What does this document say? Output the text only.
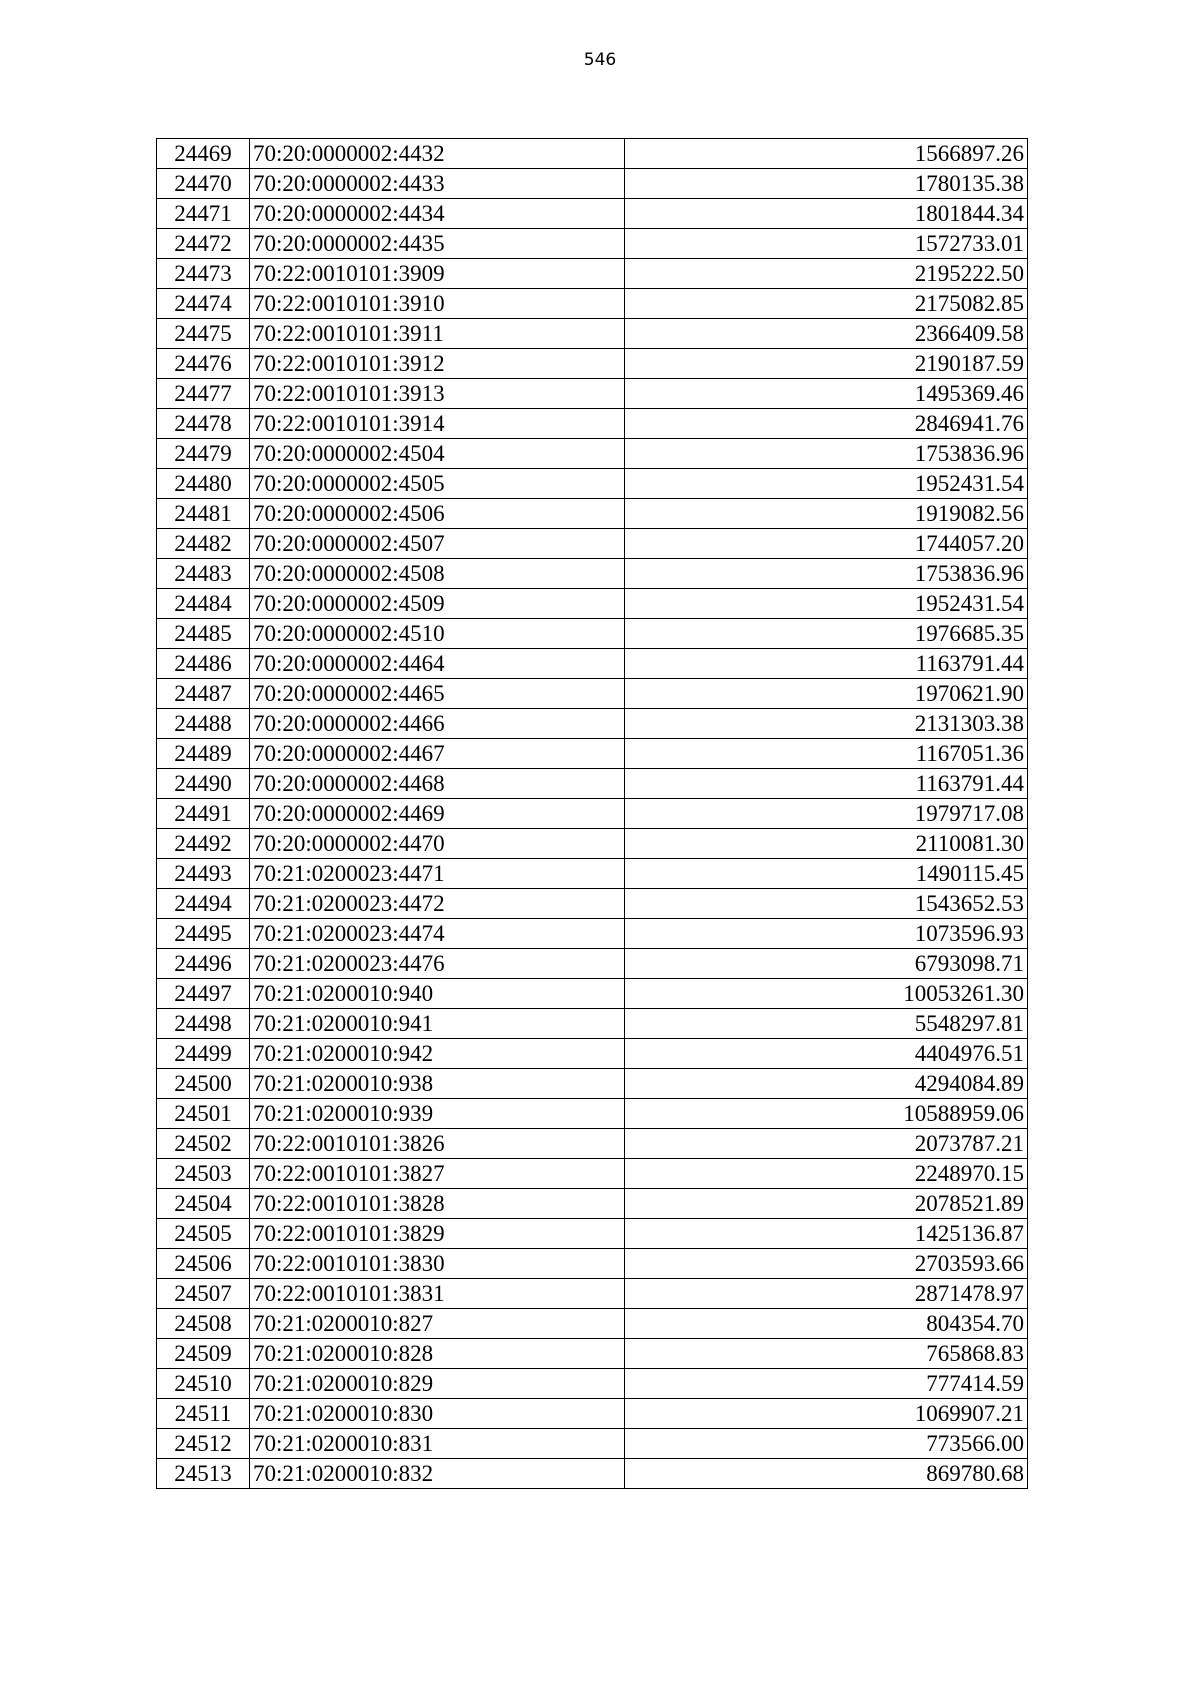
546
24469	70:20:0000002:4432	1566897.26
24470	70:20:0000002:4433	1780135.38
24471	70:20:0000002:4434	1801844.34
24472	70:20:0000002:4435	1572733.01
24473	70:22:0010101:3909	2195222.50
24474	70:22:0010101:3910	2175082.85
24475	70:22:0010101:3911	2366409.58
24476	70:22:0010101:3912	2190187.59
24477	70:22:0010101:3913	1495369.46
24478	70:22:0010101:3914	2846941.76
24479	70:20:0000002:4504	1753836.96
24480	70:20:0000002:4505	1952431.54
24481	70:20:0000002:4506	1919082.56
24482	70:20:0000002:4507	1744057.20
24483	70:20:0000002:4508	1753836.96
24484	70:20:0000002:4509	1952431.54
24485	70:20:0000002:4510	1976685.35
24486	70:20:0000002:4464	1163791.44
24487	70:20:0000002:4465	1970621.90
24488	70:20:0000002:4466	2131303.38
24489	70:20:0000002:4467	1167051.36
24490	70:20:0000002:4468	1163791.44
24491	70:20:0000002:4469	1979717.08
24492	70:20:0000002:4470	2110081.30
24493	70:21:0200023:4471	1490115.45
24494	70:21:0200023:4472	1543652.53
24495	70:21:0200023:4474	1073596.93
24496	70:21:0200023:4476	6793098.71
24497	70:21:0200010:940	10053261.30
24498	70:21:0200010:941	5548297.81
24499	70:21:0200010:942	4404976.51
24500	70:21:0200010:938	4294084.89
24501	70:21:0200010:939	10588959.06
24502	70:22:0010101:3826	2073787.21
24503	70:22:0010101:3827	2248970.15
24504	70:22:0010101:3828	2078521.89
24505	70:22:0010101:3829	1425136.87
24506	70:22:0010101:3830	2703593.66
24507	70:22:0010101:3831	2871478.97
24508	70:21:0200010:827	804354.70
24509	70:21:0200010:828	765868.83
24510	70:21:0200010:829	777414.59
24511	70:21:0200010:830	1069907.21
24512	70:21:0200010:831	773566.00
24513	70:21:0200010:832	869780.68
